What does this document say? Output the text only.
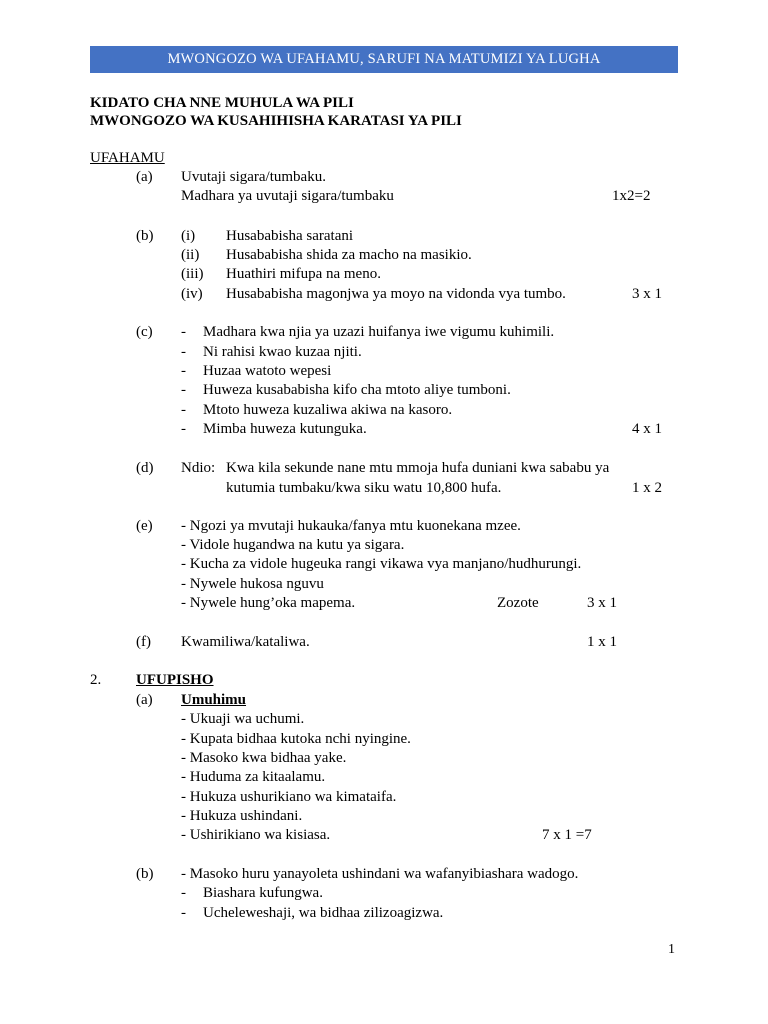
MWONGOZO WA UFAHAMU, SARUFI NA MATUMIZI YA LUGHA
KIDATO CHA NNE MUHULA WA PILI
MWONGOZO WA KUSAHIHISHA KARATASI YA PILI
UFAHAMU
(a) Uvutaji sigara/tumbaku.
Madhara ya uvutaji sigara/tumbaku	1x2=2
(b) (i) Husababisha saratani
(ii) Husababisha shida za macho na masikio.
(iii) Huathiri mifupa na meno.
(iv) Husababisha magonjwa ya moyo na vidonda vya tumbo.	3 x 1
(c) - Madhara kwa njia ya uzazi huifanya iwe vigumu kuhimili.
- Ni rahisi kwao kuzaa njiti.
- Huzaa watoto wepesi
- Huweza kusababisha kifo cha mtoto aliye tumboni.
- Mtoto huweza kuzaliwa akiwa na kasoro.
- Mimba huweza kutunguka.	4 x 1
(d) Ndio: Kwa kila sekunde nane mtu mmoja hufa duniani kwa sababu ya
kutumia tumbaku/kwa siku watu 10,800 hufa.	1 x 2
(e) - Ngozi ya mvutaji hukauka/fanya mtu kuonekana mzee.
- Vidole hugandwa na kutu ya sigara.
- Kucha za vidole hugeuka rangi vikawa vya manjano/hudhurungi.
- Nywele hukosa nguvu
- Nywele hung’oka mapema.	Zozote	3 x 1
(f) Kwamiliwa/kataliwa.	1 x 1
2. UFUPISHO
(a) Umuhimu
- Ukuaji wa uchumi.
- Kupata bidhaa kutoka nchi nyingine.
- Masoko kwa bidhaa yake.
- Huduma za kitaalamu.
- Hukuza ushurikiano wa kimataifa.
- Hukuza ushindani.
- Ushirikiano wa kisiasa.	7 x 1 =7
(b) - Masoko huru yanayoleta ushindani wa wafanyibiashara wadogo.
- Biashara kufungwa.
- Ucheleweshaji, wa bidhaa zilizoagizwa.
1
